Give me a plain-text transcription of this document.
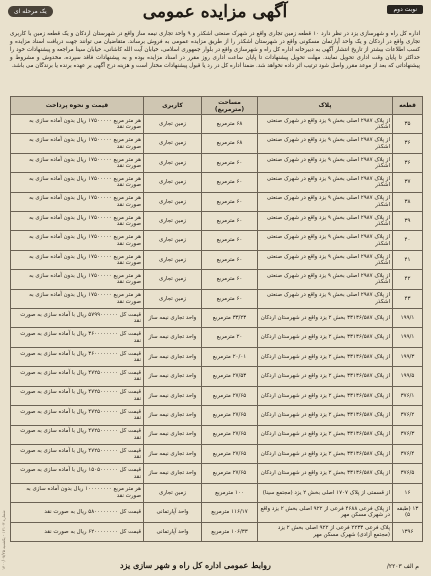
نوبت دوم
آگهی مزایده عمومی
یک مرحله ای
اداره کل راه و شهرسازی یزد در نظر دارد ۱۰ قطعه زمین تجاری واقع در شهرک صنعتی اشکذر و ۹ واحد تجاری نیمه ساز واقع در شهرستان اردکان و یک قطعه زمین با کاربری تجاری واقع در اردکان و یک واحد آپارتمان مسکونی واقع در شهرستان اشکذر را از طریق مزایده عمومی به فروش برساند. متقاضیان می توانند جهت دریافت اسناد مزایده و کسب اطلاعات بیشتر از تاریخ انتشار آگهی به دبیرخانه اداره کل راه و شهرسازی واقع در بلوار جمهوری اسلامی، خیابان آیت الله کاشانی، خیابان سینا مراجعه و پیشنهادات خود را حداکثر تا پایان وقت اداری تحویل نمایند. مهلت تحویل پیشنهادات تا پایان ساعت اداری روز مقرر در اسناد مزایده بوده و به پیشنهادات فاقد سپرده، مخدوش و مشروط و پیشنهاداتی که بعد از موعد مقرر واصل شود ترتیب اثر داده نخواهد شد. ضمنا اداره کل در رد یا قبول پیشنهادات مختار است و هزینه درج آگهی بر عهده برنده یا برندگان می باشد.
قطعه	پلاک	مساحت (مترمربع)	کاربری	قیمت و نحوه پرداخت
۳۵	از پلاک ۲۹۸۷ اصلی بخش ۹ یزد واقع در شهرک صنعتی اشکذر	۶۸ مترمربع	زمین تجاری	هر متر مربع ۱۷۵۰۰۰۰۰ ریال بدون آماده سازی به صورت نقد
۳۶	از پلاک ۲۹۸۷ اصلی بخش ۹ یزد واقع در شهرک صنعتی اشکذر	۶۸ مترمربع	زمین تجاری	هر متر مربع ۱۷۵۰۰۰۰۰ ریال بدون آماده سازی به صورت نقد
۳۶	از پلاک ۲۹۸۷ اصلی بخش ۹ یزد واقع در شهرک صنعتی اشکذر	۶۰ مترمربع	زمین تجاری	هر متر مربع ۱۷۵۰۰۰۰۰ ریال بدون آماده سازی به صورت نقد
۳۷	از پلاک ۲۹۸۷ اصلی بخش ۹ یزد واقع در شهرک صنعتی اشکذر	۶۰ مترمربع	زمین تجاری	هر متر مربع ۱۷۵۰۰۰۰۰ ریال بدون آماده سازی به صورت نقد
۳۸	از پلاک ۲۹۸۷ اصلی بخش ۹ یزد واقع در شهرک صنعتی اشکذر	۶۰ مترمربع	زمین تجاری	هر متر مربع ۱۷۵۰۰۰۰۰ ریال بدون آماده سازی به صورت نقد
۳۹	از پلاک ۲۹۸۷ اصلی بخش ۹ یزد واقع در شهرک صنعتی اشکذر	۶۰ مترمربع	زمین تجاری	هر متر مربع ۱۷۵۰۰۰۰۰ ریال بدون آماده سازی به صورت نقد
۴۰	از پلاک ۲۹۸۷ اصلی بخش ۹ یزد واقع در شهرک صنعتی اشکذر	۶۰ مترمربع	زمین تجاری	هر متر مربع ۱۷۵۰۰۰۰۰ ریال بدون آماده سازی به صورت نقد
۴۱	از پلاک ۲۹۸۷ اصلی بخش ۹ یزد واقع در شهرک صنعتی اشکذر	۶۰ مترمربع	زمین تجاری	هر متر مربع ۱۷۵۰۰۰۰۰ ریال بدون آماده سازی به صورت نقد
۴۲	از پلاک ۲۹۸۷ اصلی بخش ۹ یزد واقع در شهرک صنعتی اشکذر	۶۰ مترمربع	زمین تجاری	هر متر مربع ۱۷۵۰۰۰۰۰ ریال بدون آماده سازی به صورت نقد
۴۳	از پلاک ۲۹۸۷ اصلی بخش ۹ یزد واقع در شهرک صنعتی اشکذر	۶۰ مترمربع	زمین تجاری	هر متر مربع ۱۷۵۰۰۰۰۰ ریال بدون آماده سازی به صورت نقد
۱۹۹/۱	از پلاک ۳۳۱۳۶/۵۸۷ بخش ۲ یزد واقع در شهرستان اردکان	۳۳/۲۳ مترمربع	واحد تجاری نیمه ساز	قیمت کل ۵۷۹۹۰۰۰۰۰۰ ریال با آماده سازی به صورت نقد
۱۹۹/۱	از پلاک ۳۳۱۳۶/۵۸۷ بخش ۲ یزد واقع در شهرستان اردکان	۲۰ مترمربع	واحد تجاری نیمه ساز	قیمت کل ۳۶۰۰۰۰۰۰۰۰ ریال با آماده سازی به صورت نقد
۱۹۹/۳	از پلاک ۳۳۱۳۶/۵۸۷ بخش ۲ یزد واقع در شهرستان اردکان	۲۰/۰۱ مترمربع	واحد تجاری نیمه ساز	قیمت کل ۳۶۰۰۰۰۰۰۰۰ ریال با آماده سازی به صورت نقد
۱۹۹/۵	از پلاک ۳۳۱۳۶/۵۸۷ بخش ۲ یزد واقع در شهرستان اردکان	۲۷/۵۳ مترمربع	واحد تجاری نیمه ساز	قیمت کل ۴۷۲۵۰۰۰۰۰۰ ریال با آماده سازی به صورت نقد
۳۷۶/۱	از پلاک ۳۳۱۳۶/۵۸۷ بخش ۲ یزد واقع در شهرستان اردکان	۲۷/۶۵ مترمربع	واحد تجاری نیمه ساز	قیمت کل ۴۷۲۵۰۰۰۰۰۰ ریال با آماده سازی به صورت نقد
۳۷۶/۲	از پلاک ۳۳۱۳۶/۵۸۷ بخش ۲ یزد واقع در شهرستان اردکان	۲۷/۶۵ مترمربع	واحد تجاری نیمه ساز	قیمت کل ۴۷۲۵۰۰۰۰۰۰ ریال با آماده سازی به صورت نقد
۳۷۶/۳	از پلاک ۳۳۱۳۶/۵۸۷ بخش ۲ یزد واقع در شهرستان اردکان	۲۷/۶۵ مترمربع	واحد تجاری نیمه ساز	قیمت کل ۴۷۲۵۰۰۰۰۰۰ ریال با آماده سازی به صورت نقد
۳۷۶/۴	از پلاک ۳۳۱۳۶/۵۸۷ بخش ۲ یزد واقع در شهرستان اردکان	۲۷/۶۵ مترمربع	واحد تجاری نیمه ساز	قیمت کل ۴۷۲۵۰۰۰۰۰۰ ریال با آماده سازی به صورت نقد
۳۷۶/۵	از پلاک ۳۳۱۳۶/۵۸۷ بخش ۲ یزد واقع در شهرستان اردکان	۲۷/۶۵ مترمربع	واحد تجاری نیمه ساز	قیمت کل ۱۵۰۵۰۰۰۰۰۰ ریال با آماده سازی به صورت نقد
۱۶	از قسمتی از پلاک ۱۷۰۷ اصلی بخش ۲ یزد (مجتمع سینا)	۱۰۰ مترمربع	زمین تجاری	هر متر مربع ۱۰۰۰۰۰۰۰۰ ریال بدون آماده سازی به صورت نقد
۱۳ (طبقه ۵)	از پلاک فرعی ۴۶۸۸ فرعی از ۹۲۲ اصلی بخش ۲ یزد واقع در شهرک مسکن مهر	۱۱۶/۱۷ مترمربع	واحد آپارتمانی	قیمت کل ۵۸۰۰۰۰۰۰۰۰ ریال به صورت نقد
۱۳۹۶	پلاک فرعی ۲۲۳۳ فرعی از ۹۲۲ اصلی بخش ۲ یزد (مجتمع آزادی) شهرک مسکن مهر	۱۰۶/۳۳ مترمربع	واحد آپارتمانی	قیمت کل ۶۲۰۰۰۰۰۰۰۰ ریال به صورت نقد
م الف ۲۲۰۳/
روابط عمومی اداره کل راه و شهر سازی یزد
شماره ۱۲۱۰۳ - یکشنبه ۱۴۰۰/۰۷/۲۵
